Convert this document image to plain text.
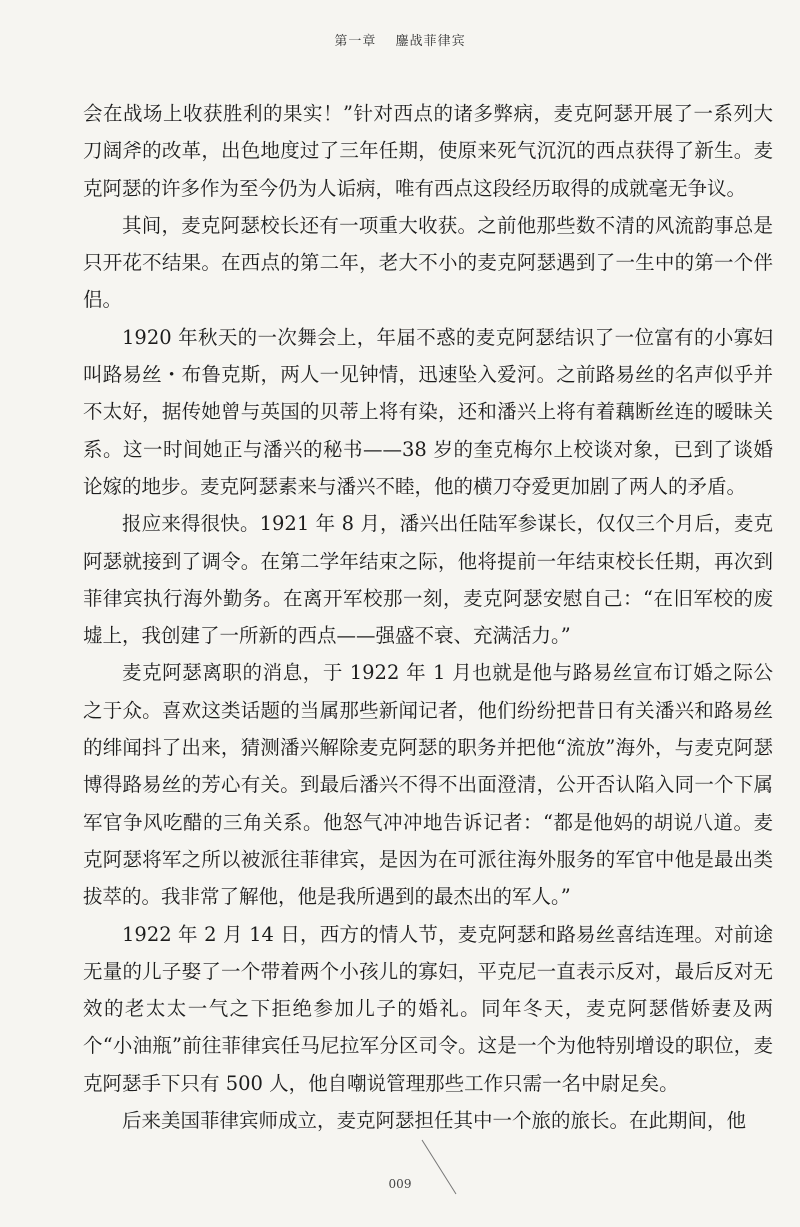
第一章 鏖战菲律宾

会在战场上收获胜利的果实！”针对西点的诸多弊病，麦克阿瑟开展了一系列大刀阔斧的改革，出色地度过了三年任期，使原来死气沉沉的西点获得了新生。麦克阿瑟的许多作为至今仍为人诟病，唯有西点这段经历取得的成就毫无争议。

其间，麦克阿瑟校长还有一项重大收获。之前他那些数不清的风流韵事总是只开花不结果。在西点的第二年，老大不小的麦克阿瑟遇到了一生中的第一个伴侣。

1920 年秋天的一次舞会上，年届不惑的麦克阿瑟结识了一位富有的小寡妇叫路易丝・布鲁克斯，两人一见钟情，迅速坠入爱河。之前路易丝的名声似乎并不太好，据传她曾与英国的贝蒂上将有染，还和潘兴上将有着藕断丝连的暧昧关系。这一时间她正与潘兴的秘书——38 岁的奎克梅尔上校谈对象，已到了谈婚论嫁的地步。麦克阿瑟素来与潘兴不睦，他的横刀夺爱更加剧了两人的矛盾。

报应来得很快。1921 年 8 月，潘兴出任陆军参谋长，仅仅三个月后，麦克阿瑟就接到了调令。在第二学年结束之际，他将提前一年结束校长任期，再次到菲律宾执行海外勤务。在离开军校那一刻，麦克阿瑟安慰自己：“在旧军校的废墟上，我创建了一所新的西点——强盛不衰、充满活力。”

麦克阿瑟离职的消息，于 1922 年 1 月也就是他与路易丝宣布订婚之际公之于众。喜欢这类话题的当属那些新闻记者，他们纷纷把昔日有关潘兴和路易丝的绯闻抖了出来，猜测潘兴解除麦克阿瑟的职务并把他“流放”海外，与麦克阿瑟博得路易丝的芳心有关。到最后潘兴不得不出面澄清，公开否认陷入同一个下属军官争风吃醋的三角关系。他怒气冲冲地告诉记者：“都是他妈的胡说八道。麦克阿瑟将军之所以被派往菲律宾，是因为在可派往海外服务的军官中他是最出类拔萃的。我非常了解他，他是我所遇到的最杰出的军人。”

1922 年 2 月 14 日，西方的情人节，麦克阿瑟和路易丝喜结连理。对前途无量的儿子娶了一个带着两个小孩儿的寡妇，平克尼一直表示反对，最后反对无效的老太太一气之下拒绝参加儿子的婚礼。同年冬天，麦克阿瑟偕娇妻及两个“小油瓶”前往菲律宾任马尼拉军分区司令。这是一个为他特别增设的职位，麦克阿瑟手下只有 500 人，他自嘲说管理那些工作只需一名中尉足矣。

后来美国菲律宾师成立，麦克阿瑟担任其中一个旅的旅长。在此期间，他

009
